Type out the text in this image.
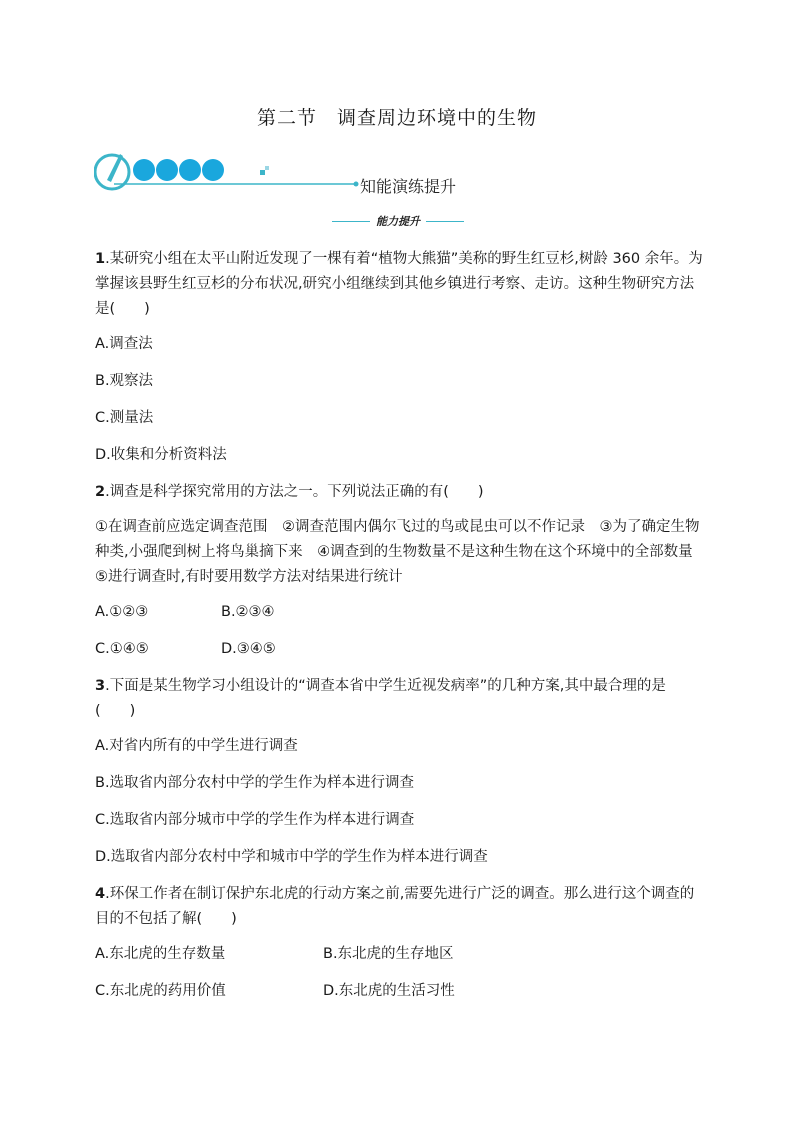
第二节　调查周边环境中的生物
知能演练提升
能力提升
1.某研究小组在太平山附近发现了一棵有着“植物大熊猫”美称的野生红豆杉,树龄 360 余年。为掌握该县野生红豆杉的分布状况,研究小组继续到其他乡镇进行考察、走访。这种生物研究方法是(　　)
A.调查法
B.观察法
C.测量法
D.收集和分析资料法
2.调查是科学探究常用的方法之一。下列说法正确的有(　　)
①在调查前应选定调查范围　②调查范围内偶尔飞过的鸟或昆虫可以不作记录　③为了确定生物种类,小强爬到树上将鸟巢摘下来　④调查到的生物数量不是这种生物在这个环境中的全部数量　⑤进行调查时,有时要用数学方法对结果进行统计
A.①②③	B.②③④
C.①④⑤	D.③④⑤
3.下面是某生物学习小组设计的“调查本省中学生近视发病率”的几种方案,其中最合理的是(　　)
A.对省内所有的中学生进行调查
B.选取省内部分农村中学的学生作为样本进行调查
C.选取省内部分城市中学的学生作为样本进行调查
D.选取省内部分农村中学和城市中学的学生作为样本进行调查
4.环保工作者在制订保护东北虎的行动方案之前,需要先进行广泛的调查。那么进行这个调查的目的不包括了解(　　)
A.东北虎的生存数量	B.东北虎的生存地区
C.东北虎的药用价值	D.东北虎的生活习性
